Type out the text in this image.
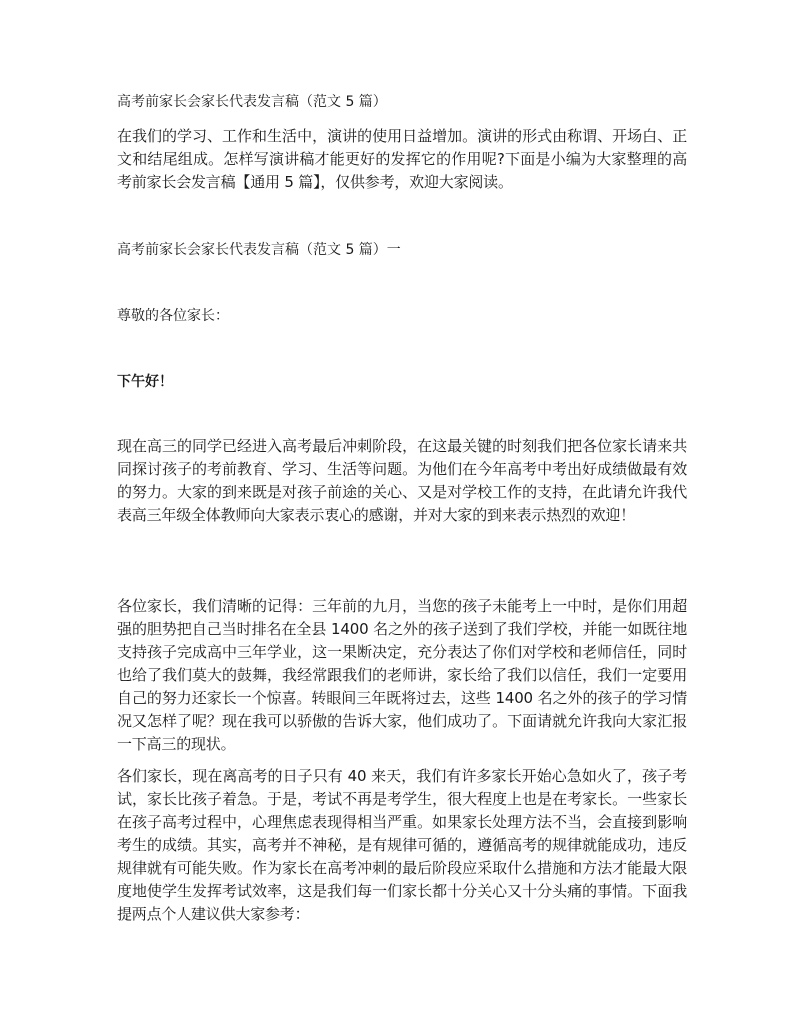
高考前家长会家长代表发言稿（范文 5 篇）

在我们的学习、工作和生活中，演讲的使用日益增加。演讲的形式由称谓、开场白、正文和结尾组成。怎样写演讲稿才能更好的发挥它的作用呢?下面是小编为大家整理的高考前家长会发言稿【通用 5 篇】，仅供参考，欢迎大家阅读。

高考前家长会家长代表发言稿（范文 5 篇）一

尊敬的各位家长：

下午好！

现在高三的同学已经进入高考最后冲刺阶段，在这最关键的时刻我们把各位家长请来共同探讨孩子的考前教育、学习、生活等问题。为他们在今年高考中考出好成绩做最有效的努力。大家的到来既是对孩子前途的关心、又是对学校工作的支持，在此请允许我代表高三年级全体教师向大家表示衷心的感谢，并对大家的到来表示热烈的欢迎！

各位家长，我们清晰的记得：三年前的九月，当您的孩子未能考上一中时，是你们用超强的胆势把自己当时排名在全县 1400 名之外的孩子送到了我们学校，并能一如既往地支持孩子完成高中三年学业，这一果断决定，充分表达了你们对学校和老师信任，同时也给了我们莫大的鼓舞，我经常跟我们的老师讲，家长给了我们以信任，我们一定要用自己的努力还家长一个惊喜。转眼间三年既将过去，这些 1400 名之外的孩子的学习情况又怎样了呢？现在我可以骄傲的告诉大家，他们成功了。下面请就允许我向大家汇报一下高三的现状。

各们家长，现在离高考的日子只有 40 来天，我们有许多家长开始心急如火了，孩子考试，家长比孩子着急。于是，考试不再是考学生，很大程度上也是在考家长。一些家长在孩子高考过程中，心理焦虑表现得相当严重。如果家长处理方法不当，会直接到影响考生的成绩。其实，高考并不神秘，是有规律可循的，遵循高考的规律就能成功，违反规律就有可能失败。作为家长在高考冲刺的最后阶段应采取什么措施和方法才能最大限度地使学生发挥考试效率，这是我们每一们家长都十分关心又十分头痛的事情。下面我提两点个人建议供大家参考：
